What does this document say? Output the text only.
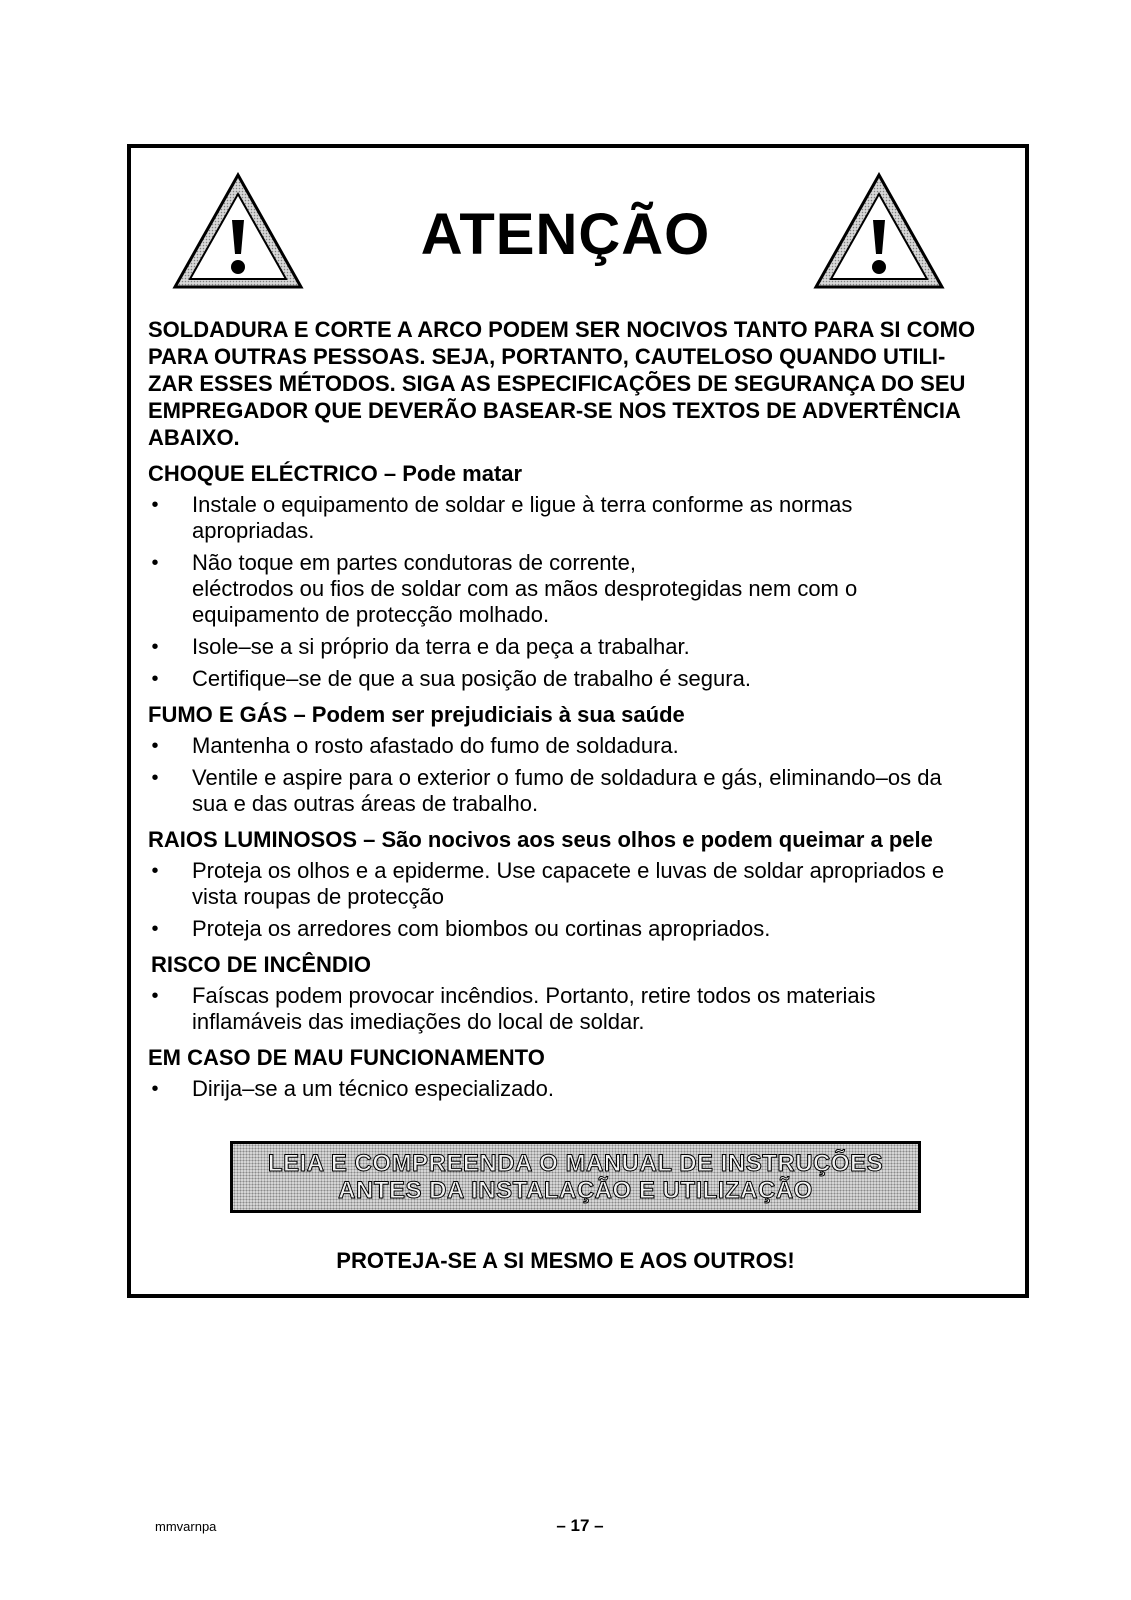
ATENÇÃO

SOLDADURA E CORTE A ARCO PODEM SER NOCIVOS TANTO PARA SI COMO
PARA OUTRAS PESSOAS. SEJA, PORTANTO, CAUTELOSO QUANDO UTILI-
ZAR ESSES MÉTODOS. SIGA AS ESPECIFICAÇÕES DE SEGURANÇA DO SEU
EMPREGADOR QUE DEVERÃO BASEAR-SE NOS TEXTOS DE ADVERTÊNCIA
ABAIXO.

CHOQUE ELÉCTRICO – Pode matar

• Instale o equipamento de soldar e ligue à terra conforme as normas
apropriadas.
• Não toque em partes condutoras de corrente,
eléctrodos ou fios de soldar com as mãos desprotegidas nem com o
equipamento de protecção molhado.
• Isole–se a si próprio da terra e da peça a trabalhar.
• Certifique–se de que a sua posição de trabalho é segura.

FUMO E GÁS – Podem ser prejudiciais à sua saúde

• Mantenha o rosto afastado do fumo de soldadura.
• Ventile e aspire para o exterior o fumo de soldadura e gás, eliminando–os da
sua e das outras áreas de trabalho.

RAIOS LUMINOSOS – São nocivos aos seus olhos e podem queimar a pele

• Proteja os olhos e a epiderme. Use capacete e luvas de soldar apropriados e
vista roupas de protecção
• Proteja os arredores com biombos ou cortinas apropriados.

RISCO DE INCÊNDIO

• Faíscas podem provocar incêndios. Portanto, retire todos os materiais
inflamáveis das imediações do local de soldar.

EM CASO DE MAU FUNCIONAMENTO

• Dirija–se a um técnico especializado.
LEIA E COMPREENDA O MANUAL DE INSTRUÇÕES
ANTES DA INSTALAÇÃO E UTILIZAÇÃO
PROTEJA-SE A SI MESMO E AOS OUTROS!
mmvarnpa	– 17 –
